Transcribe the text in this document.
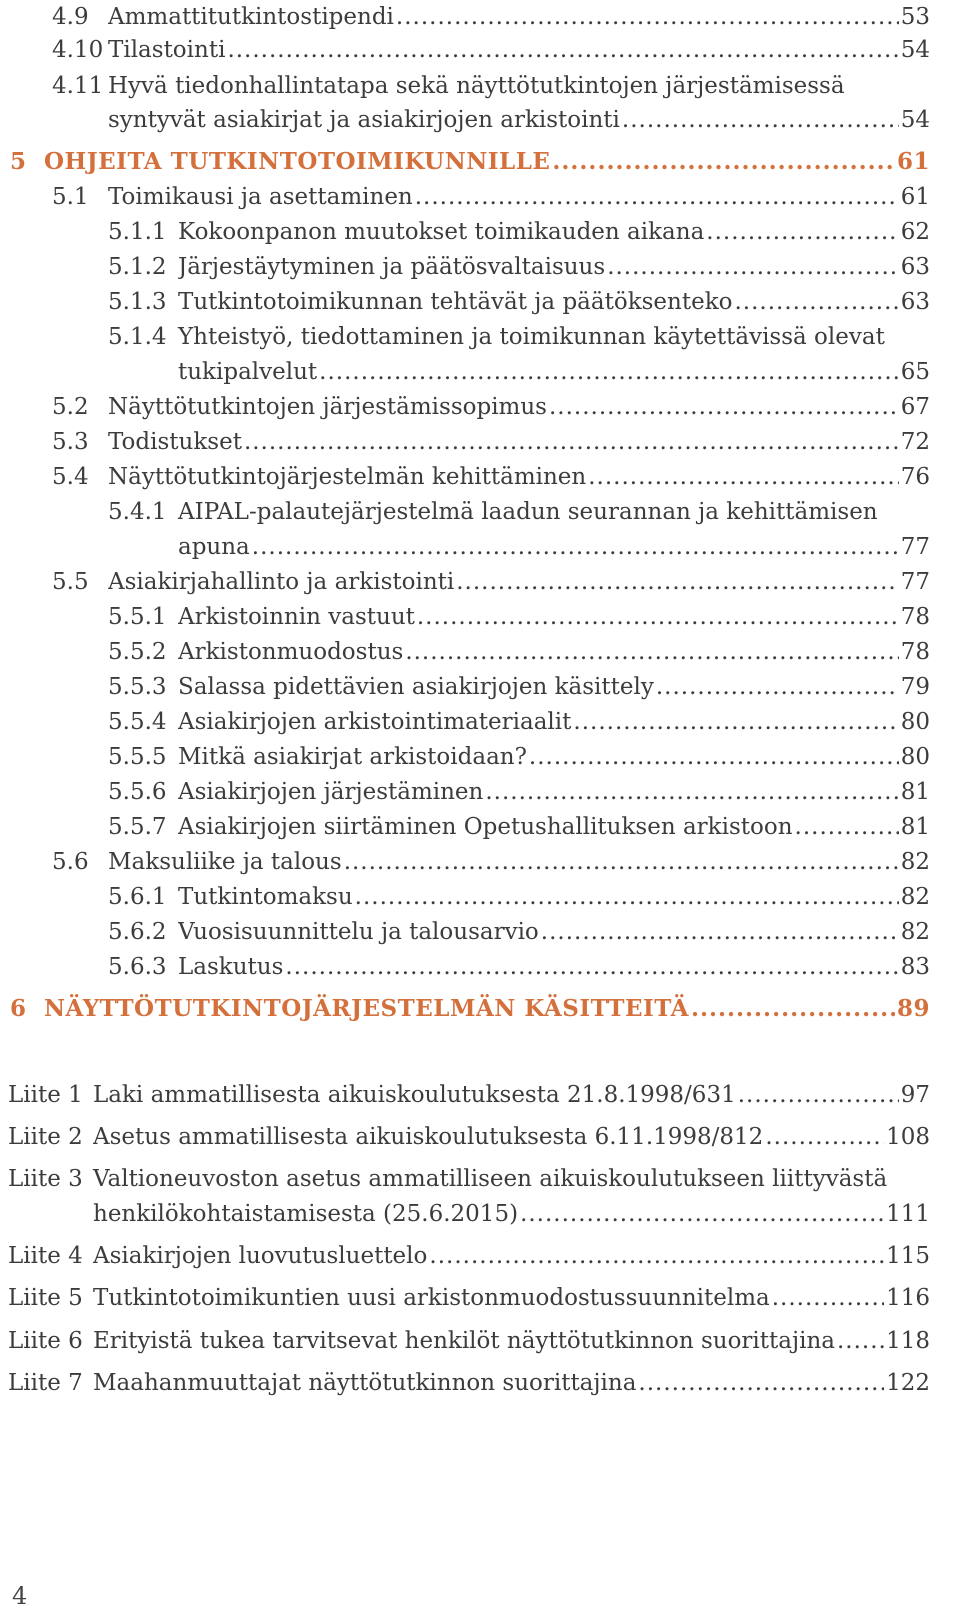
4.9 Ammattitutkintostipendi .....	53
4.10 Tilastointi .....	54
4.11 Hyvä tiedonhallintatapa sekä näyttötutkintojen järjestämisessä
syntyvät asiakirjat ja asiakirjojen arkistointi .....	54
5 OHJEITA TUTKINTOTOIMIKUNNILLE .....	61
5.1 Toimikausi ja asettaminen .....	61
5.1.1 Kokoonpanon muutokset toimikauden aikana .....	62
5.1.2 Järjestäytyminen ja päätösvaltaisuus .....	63
5.1.3 Tutkintotoimikunnan tehtävät ja päätöksenteko .....	63
5.1.4 Yhteistyö, tiedottaminen ja toimikunnan käytettävissä olevat
tukipalvelut .....	65
5.2 Näyttötutkintojen järjestämissopimus .....	67
5.3 Todistukset .....	72
5.4 Näyttötutkintojärjestelmän kehittäminen .....	76
5.4.1 AIPAL-palautejärjestelmä laadun seurannan ja kehittämisen
apuna .....	77
5.5 Asiakirjahallinto ja arkistointi .....	77
5.5.1 Arkistoinnin vastuut .....	78
5.5.2 Arkistonmuodostus .....	78
5.5.3 Salassa pidettävien asiakirjojen käsittely .....	79
5.5.4 Asiakirjojen arkistointimateriaalit .....	80
5.5.5 Mitkä asiakirjat arkistoidaan? .....	80
5.5.6 Asiakirjojen järjestäminen .....	81
5.5.7 Asiakirjojen siirtäminen Opetushallituksen arkistoon .....	81
5.6 Maksuliike ja talous .....	82
5.6.1 Tutkintomaksu .....	82
5.6.2 Vuosisuunnittelu ja talousarvio .....	82
5.6.3 Laskutus .....	83
6 NÄYTTÖTUTKINTOJÄRJESTELMÄN KÄSITTEITÄ .....	89
Liite 1 Laki ammatillisesta aikuiskoulutuksesta 21.8.1998/631 .....	97
Liite 2 Asetus ammatillisesta aikuiskoulutuksesta 6.11.1998/812 .....	108
Liite 3 Valtioneuvoston asetus ammatilliseen aikuiskoulutukseen liittyvästä
henkilökohtaistamisesta (25.6.2015) .....	111
Liite 4 Asiakirjojen luovutusluettelo .....	115
Liite 5 Tutkintotoimikuntien uusi arkistonmuodostussuunnitelma .....	116
Liite 6 Erityistä tukea tarvitsevat henkilöt näyttötutkinnon suorittajina ..... 118
Liite 7 Maahanmuuttajat näyttötutkinnon suorittajina .....	122
4
